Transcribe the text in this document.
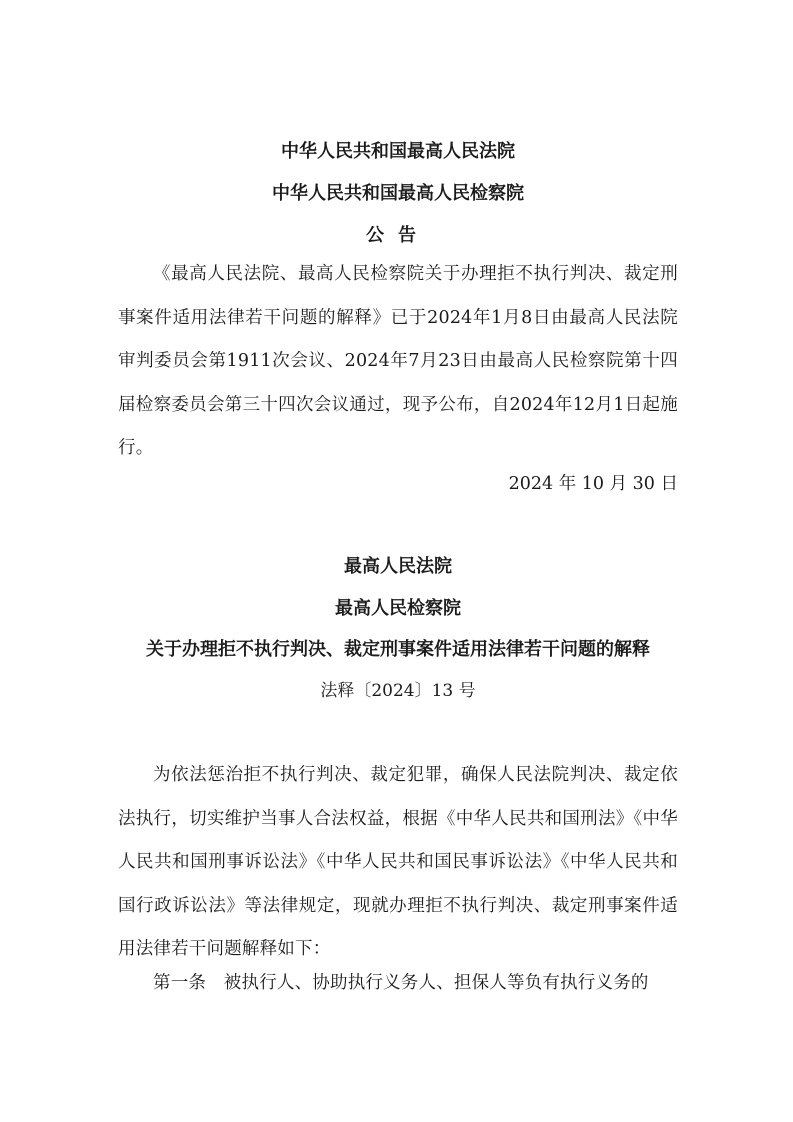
中华人民共和国最高人民法院
中华人民共和国最高人民检察院
公告

《最高人民法院、最高人民检察院关于办理拒不执行判决、裁定刑事案件适用法律若干问题的解释》已于2024年1月8日由最高人民法院审判委员会第1911次会议、2024年7月23日由最高人民检察院第十四届检察委员会第三十四次会议通过，现予公布，自2024年12月1日起施行。

2024 年 10 月 30 日
最高人民法院
最高人民检察院
关于办理拒不执行判决、裁定刑事案件适用法律若干问题的解释
法释〔2024〕13 号

为依法惩治拒不执行判决、裁定犯罪，确保人民法院判决、裁定依法执行，切实维护当事人合法权益，根据《中华人民共和国刑法》《中华人民共和国刑事诉讼法》《中华人民共和国民事诉讼法》《中华人民共和国行政诉讼法》等法律规定，现就办理拒不执行判决、裁定刑事案件适用法律若干问题解释如下：

第一条　被执行人、协助执行义务人、担保人等负有执行义务的
